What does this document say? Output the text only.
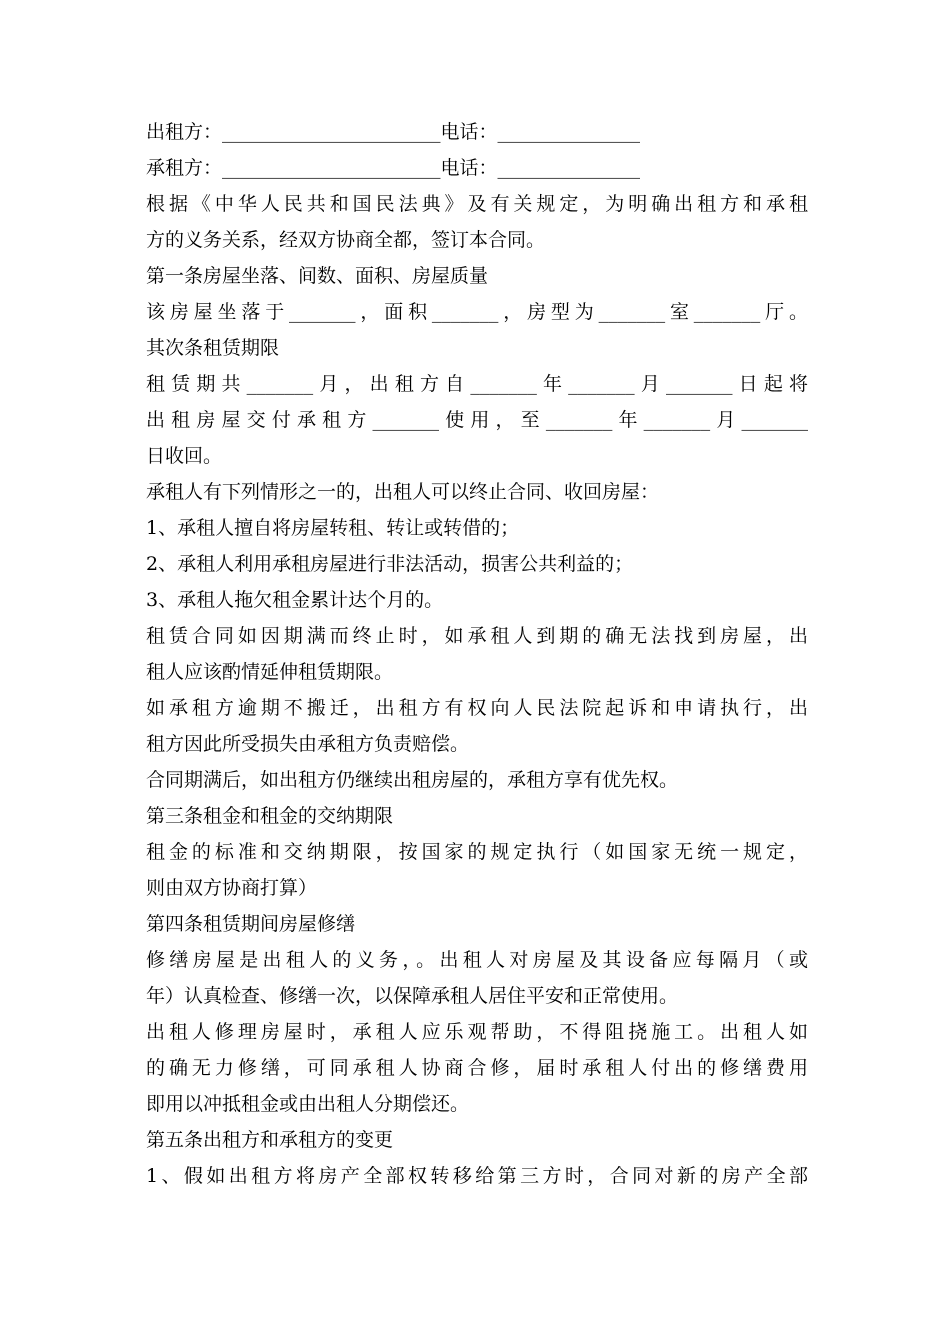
出租方：_______________________电话：_______________
承租方：_______________________电话：_______________
根据《中华人民共和国民法典》及有关规定，为明确出租方和承租
方的义务关系，经双方协商全都，签订本合同。
第一条房屋坐落、间数、面积、房屋质量
该房屋坐落于_______，面积_______，房型为_______室_______厅。
其次条租赁期限
租赁期共_______月，出租方自_______年_______月_______日起将
出租房屋交付承租方_______使用，至_______年_______月_______
日收回。
承租人有下列情形之一的，出租人可以终止合同、收回房屋：
1、承租人擅自将房屋转租、转让或转借的；
2、承租人利用承租房屋进行非法活动，损害公共利益的；
3、承租人拖欠租金累计达个月的。
租赁合同如因期满而终止时，如承租人到期的确无法找到房屋，出
租人应该酌情延伸租赁期限。
如承租方逾期不搬迁，出租方有权向人民法院起诉和申请执行，出
租方因此所受损失由承租方负责赔偿。
合同期满后，如出租方仍继续出租房屋的，承租方享有优先权。
第三条租金和租金的交纳期限
租金的标准和交纳期限，按国家的规定执行（如国家无统一规定，
则由双方协商打算）
第四条租赁期间房屋修缮
修缮房屋是出租人的义务，。出租人对房屋及其设备应每隔月（或
年）认真检查、修缮一次，以保障承租人居住平安和正常使用。
出租人修理房屋时，承租人应乐观帮助，不得阻挠施工。出租人如
的确无力修缮，可同承租人协商合修，届时承租人付出的修缮费用
即用以冲抵租金或由出租人分期偿还。
第五条出租方和承租方的变更
1、假如出租方将房产全部权转移给第三方时，合同对新的房产全部
